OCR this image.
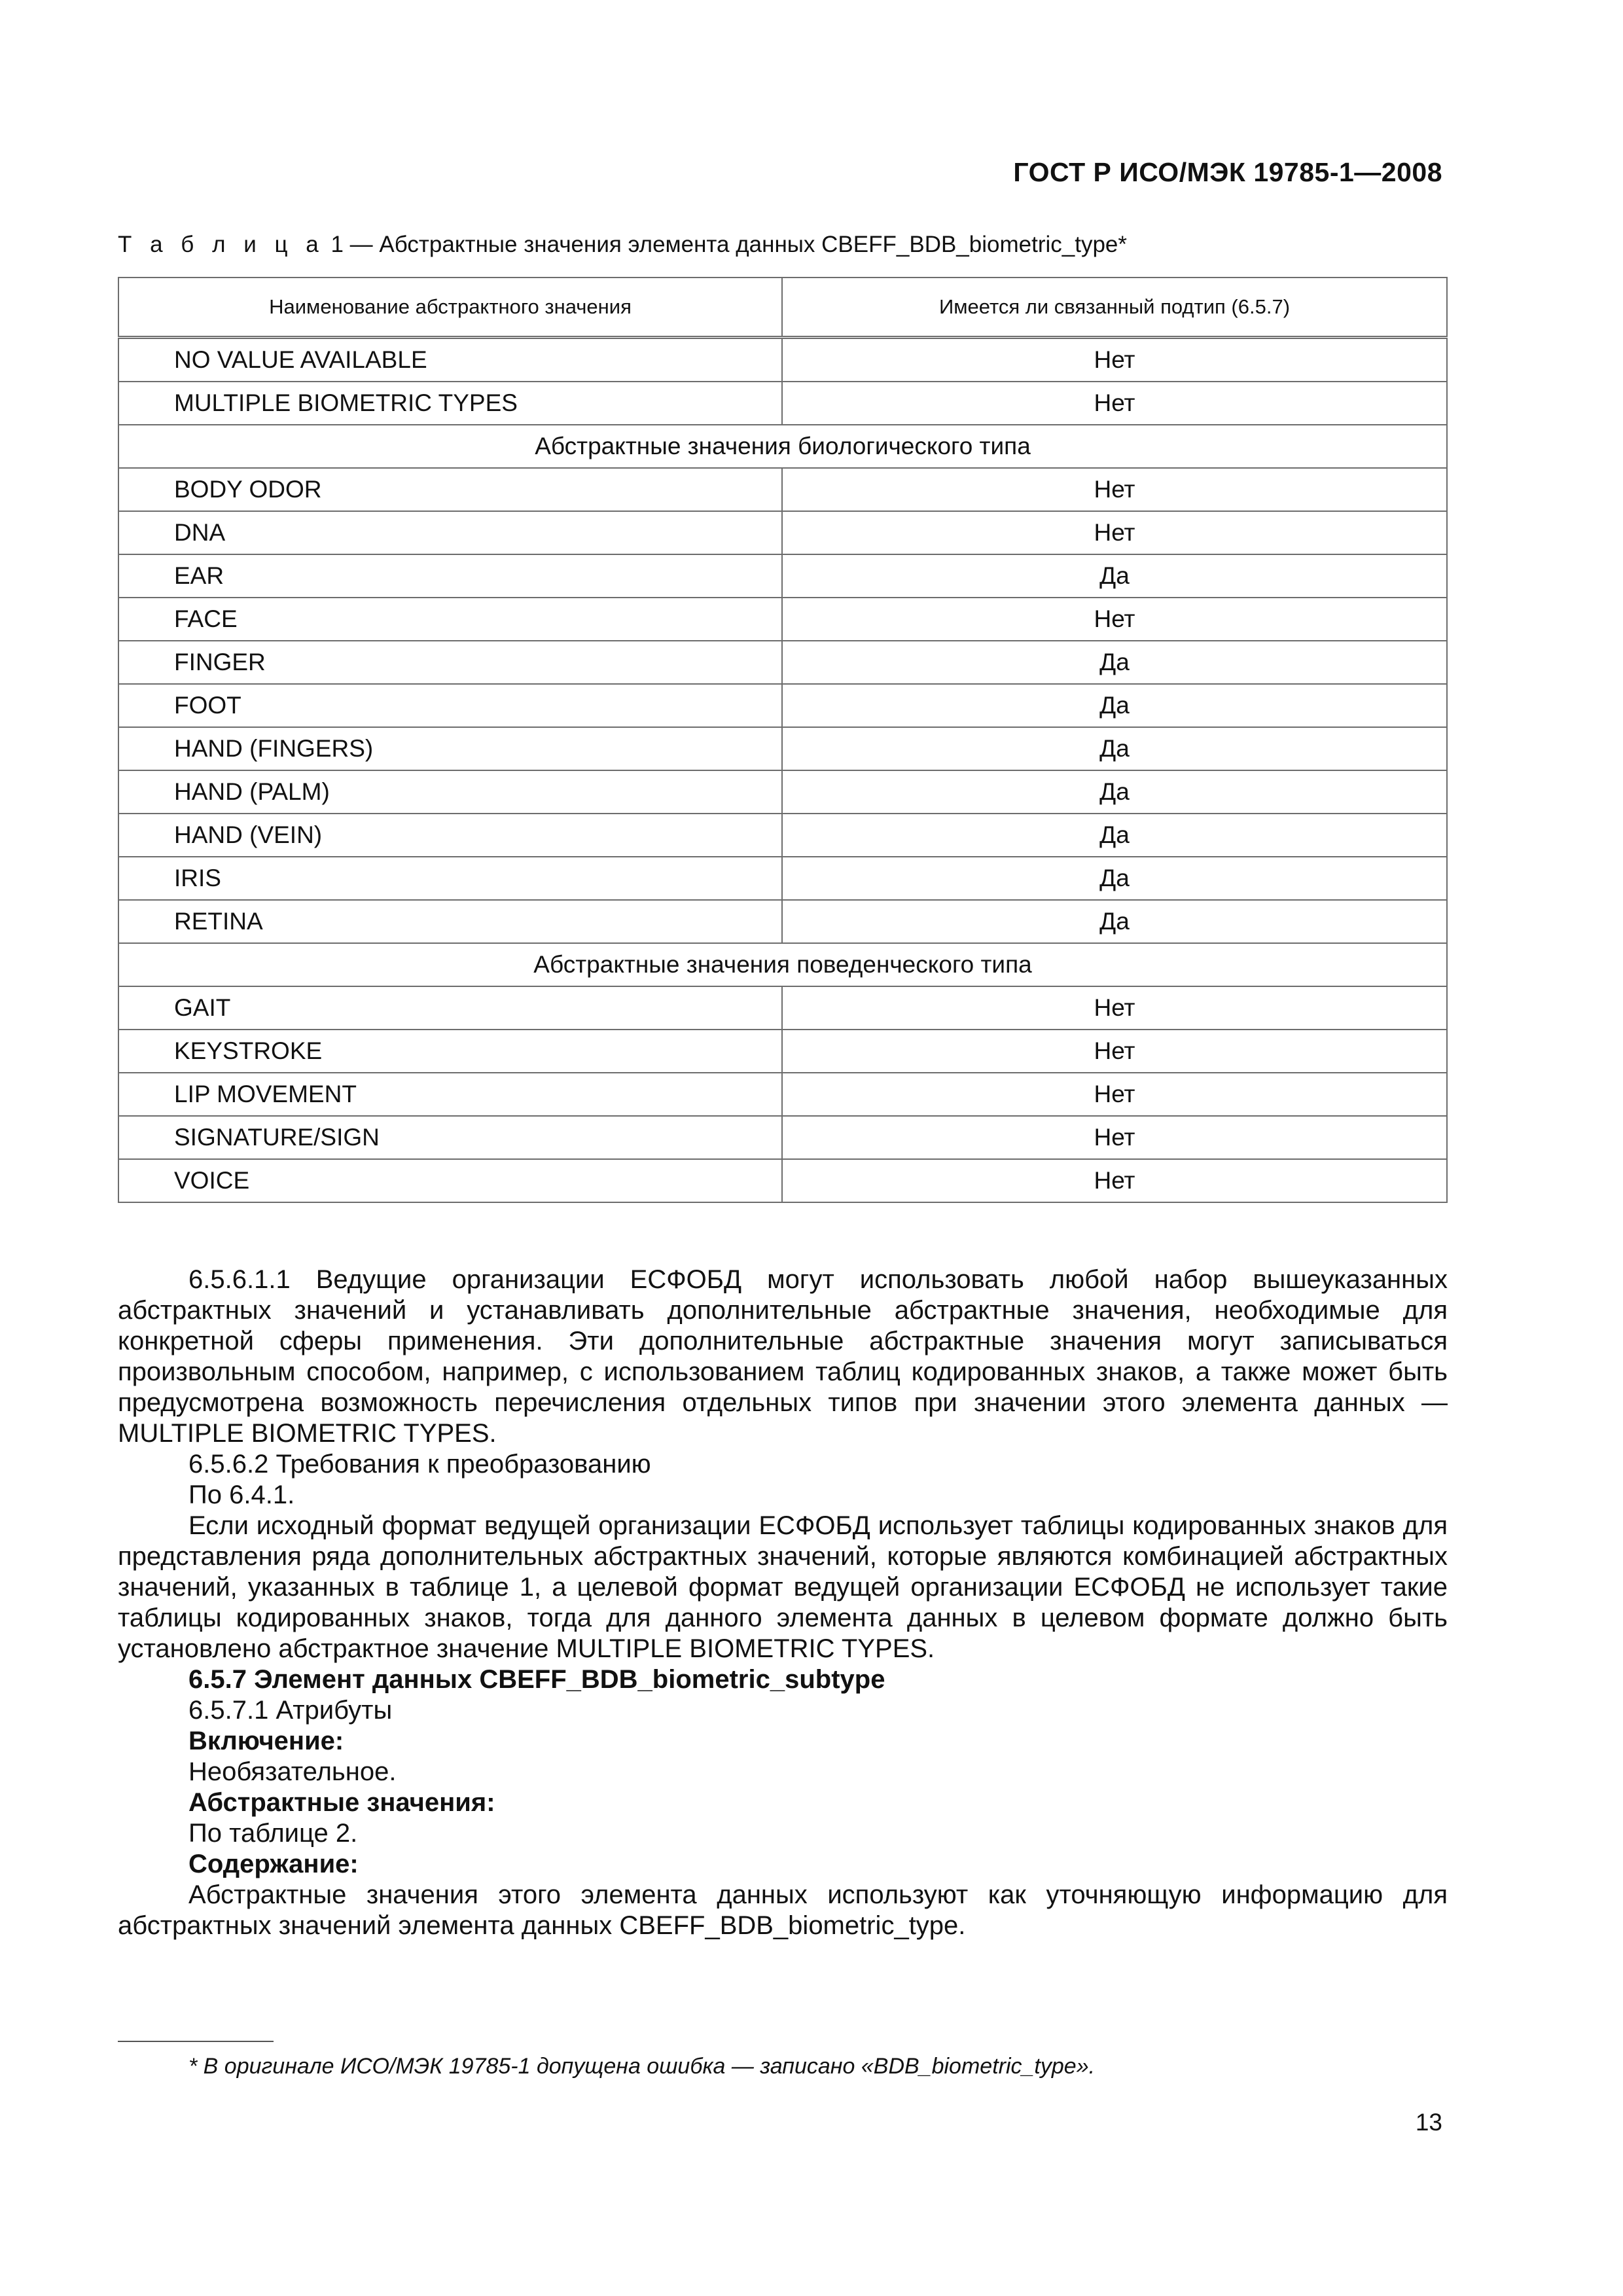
ГОСТ Р ИСО/МЭК 19785-1—2008
Т а б л и ц а 1 — Абстрактные значения элемента данных CBEFF_BDB_biometric_type*
Наименование абстрактного значения	Имеется ли связанный подтип (6.5.7)
NO VALUE AVAILABLE	Нет
MULTIPLE BIOMETRIC TYPES	Нет
Абстрактные значения биологического типа	
BODY ODOR	Нет
DNA	Нет
EAR	Да
FACE	Нет
FINGER	Да
FOOT	Да
HAND (FINGERS)	Да
HAND (PALM)	Да
HAND (VEIN)	Да
IRIS	Да
RETINA	Да
Абстрактные значения поведенческого типа	
GAIT	Нет
KEYSTROKE	Нет
LIP MOVEMENT	Нет
SIGNATURE/SIGN	Нет
VOICE	Нет

6.5.6.1.1 Ведущие организации ЕСФОБД могут использовать любой набор вышеуказанных абстрактных значений и устанавливать дополнительные абстрактные значения, необходимые для конкретной сферы применения. Эти дополнительные абстрактные значения могут записываться произвольным способом, например, с использованием таблиц кодированных знаков, а также может быть предусмотрена возможность перечисления отдельных типов при значении этого элемента данных — MULTIPLE BIOMETRIC TYPES.

6.5.6.2 Требования к преобразованию

По 6.4.1.

Если исходный формат ведущей организации ЕСФОБД использует таблицы кодированных знаков для представления ряда дополнительных абстрактных значений, которые являются комбинацией абстрактных значений, указанных в таблице 1, а целевой формат ведущей организации ЕСФОБД не использует такие таблицы кодированных знаков, тогда для данного элемента данных в целевом формате должно быть установлено абстрактное значение MULTIPLE BIOMETRIC TYPES.

6.5.7 Элемент данных CBEFF_BDB_biometric_subtype

6.5.7.1 Атрибуты

Включение:

Необязательное.

Абстрактные значения:

По таблице 2.

Содержание:

Абстрактные значения этого элемента данных используют как уточняющую информацию для абстрактных значений элемента данных CBEFF_BDB_biometric_type.

* В оригинале ИСО/МЭК 19785-1 допущена ошибка — записано «BDB_biometric_type».
13
